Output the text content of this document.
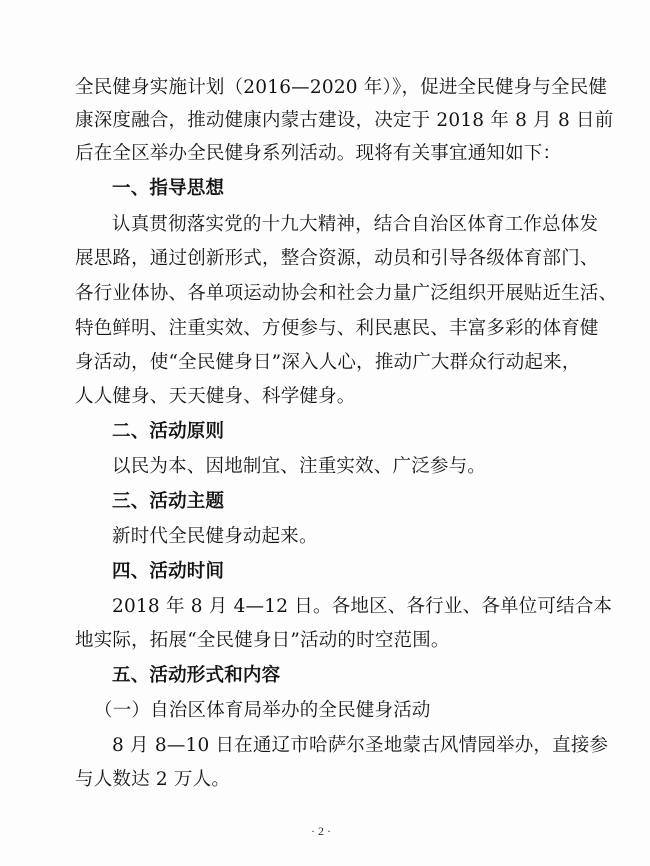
全民健身实施计划（2016—2020 年）》，促进全民健身与全民健
康深度融合，推动健康内蒙古建设，决定于 2018 年 8 月 8 日前
后在全区举办全民健身系列活动。现将有关事宜通知如下：
一、指导思想
认真贯彻落实党的十九大精神，结合自治区体育工作总体发
展思路，通过创新形式，整合资源，动员和引导各级体育部门、
各行业体协、各单项运动协会和社会力量广泛组织开展贴近生活、
特色鲜明、注重实效、方便参与、利民惠民、丰富多彩的体育健
身活动，使“全民健身日”深入人心，推动广大群众行动起来，
人人健身、天天健身、科学健身。
二、活动原则
以民为本、因地制宜、注重实效、广泛参与。
三、活动主题
新时代全民健身动起来。
四、活动时间
2018 年 8 月 4—12 日。各地区、各行业、各单位可结合本
地实际，拓展“全民健身日”活动的时空范围。
五、活动形式和内容
（一）自治区体育局举办的全民健身活动
8 月 8—10 日在通辽市哈萨尔圣地蒙古风情园举办，直接参
与人数达 2 万人。
· 2 ·
